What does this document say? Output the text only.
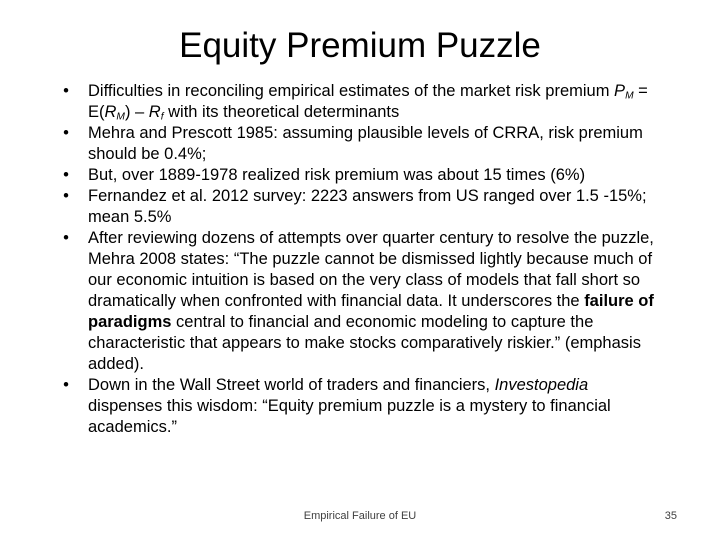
Equity Premium Puzzle
•	Difficulties in reconciling empirical estimates of the market risk premium $P_M = E(R_M) - R_f$ with its theoretical determinants
•	Mehra and Prescott 1985: assuming plausible levels of CRRA, risk premium should be 0.4%;
•	But, over 1889-1978 realized risk premium was about 15 times (6%)
•	Fernandez et al. 2012 survey: 2223 answers from US ranged over 1.5 -15%; mean 5.5%
•	After reviewing dozens of attempts over quarter century to resolve the puzzle, Mehra 2008 states: “The puzzle cannot be dismissed lightly because much of our economic intuition is based on the very class of models that fall short so dramatically when confronted with financial data. It underscores the failure of paradigms central to financial and economic modeling to capture the characteristic that appears to make stocks comparatively riskier.” (emphasis added).
•	Down in the Wall Street world of traders and financiers, Investopedia dispenses this wisdom: “Equity premium puzzle is a mystery to financial academics.”
Empirical Failure of EU	35
